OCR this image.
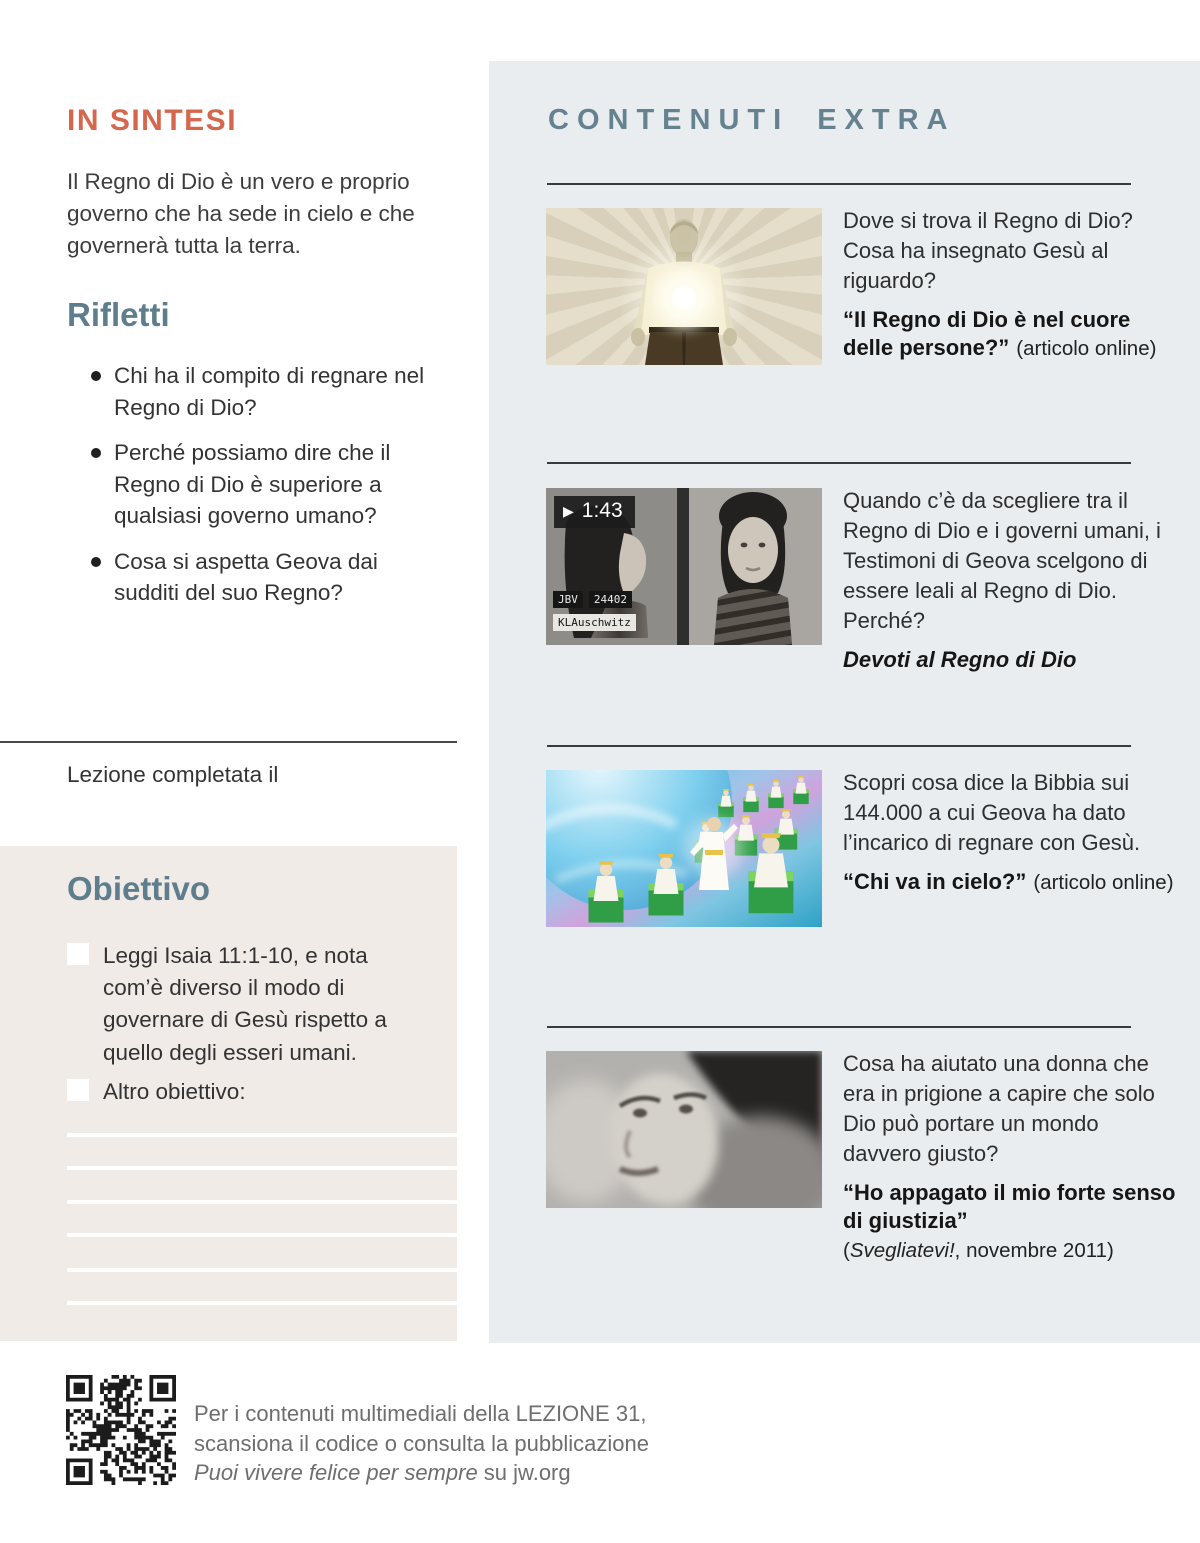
IN SINTESI

Il Regno di Dio è un vero e proprio governo che ha sede in cielo e che governerà tutta la terra.

Rifletti
Chi ha il compito di regnare nel Regno di Dio?
Perché possiamo dire che il Regno di Dio è superiore a qualsiasi governo umano?
Cosa si aspetta Geova dai sudditi del suo Regno?

Lezione completata il

Obiettivo

Leggi Isaia 11:1-10, e nota com’è diverso il modo di governare di Gesù rispetto a quello degli esseri umani.

Altro obiettivo:

CONTENUTI EXTRA

Dove si trova il Regno di Dio? Cosa ha insegnato Gesù al riguardo?

“Il Regno di Dio è nel cuore delle persone?” (articolo online)

▶ 1:43
JBV	24402
KLAuschwitz

Quando c’è da scegliere tra il Regno di Dio e i governi umani, i Testimoni di Geova scelgono di essere leali al Regno di Dio. Perché?

Devoti al Regno di Dio

Scopri cosa dice la Bibbia sui 144.000 a cui Geova ha dato l’incarico di regnare con Gesù.

“Chi va in cielo?” (articolo online)

Cosa ha aiutato una donna che era in prigione a capire che solo Dio può portare un mondo davvero giusto?

“Ho appagato il mio forte senso di giustizia”
(Svegliatevi!, novembre 2011)

Per i contenuti multimediali della LEZIONE 31,
scansiona il codice o consulta la pubblicazione
Puoi vivere felice per sempre su jw.org
